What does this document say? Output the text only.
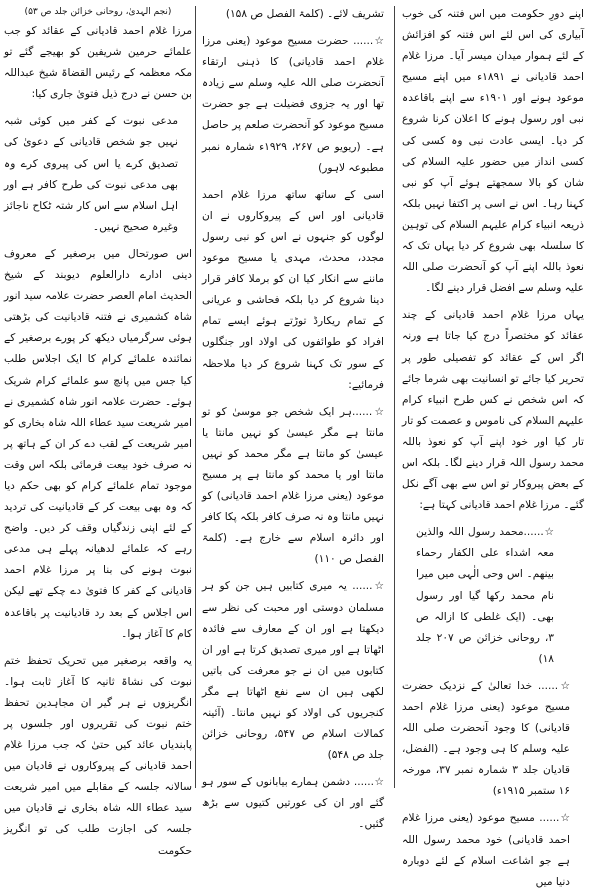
اپنے دورِ حکومت میں اس فتنہ کی خوب آبیاری کی اس لئے اس فتنہ کو افزائش کے لئے ہموار میدان میسر آیا۔ مرزا غلام احمد قادیانی نے ۱۸۹۱ء میں اپنے مسیح موعود ہونے اور ۱۹۰۱ء سے اپنے باقاعدہ نبی اور رسول ہونے کا اعلان کرنا شروع کر دیا۔ ایسی عادت نبی وہ کسی کی کسی انداز میں حضور علیہ السلام کی شان کو بالا سمجھتے ہوئے آپ کو نبی کہنا رہا۔ اس نے اسی پر اکتفا نہیں بلکہ ذریعہ انبیاء کرام علیہم السلام کی توہین کا سلسلہ بھی شروع کر دیا یہاں تک کہ نعوذ باللہ اپنے آپ کو آنحضرت صلی اللہ علیہ وسلم سے افضل قرار دینے لگا۔

یہاں مرزا غلام احمد قادیانی کے چند عقائد کو مختصراً درج کیا جاتا ہے ورنہ اگر اس کے عقائد کو تفصیلی طور پر تحریر کیا جائے تو انسانیت بھی شرما جائے کہ اس شخص نے کس طرح انبیاء کرام علیہم السلام کی ناموس و عصمت کو تار تار کیا اور خود اپنے آپ کو نعوذ باللہ محمد رسول اللہ قرار دینے لگا۔ بلکہ اس کے بعض پیروکار تو اس سے بھی آگے نکل گئے۔ مرزا غلام احمد قادیانی کہتا ہے:

☆......محمد رسول اللہ والذین معہ اشداء علی الکفار رحماء بینھم۔ اس وحی الٰہی میں میرا نام محمد رکھا گیا اور رسول بھی۔ (ایک غلطی کا ازالہ ص ۳، روحانی خزائن ص ۲۰۷ جلد ۱۸)

☆...... خدا تعالیٰ کے نزدیک حضرت مسیح موعود (یعنی مرزا غلام احمد قادیانی) کا وجود آنحضرت صلی اللہ علیہ وسلم کا ہی وجود ہے۔ (الفضل، قادیان جلد ۳ شمارہ نمبر ۳۷، مورخہ ۱۶ ستمبر ۱۹۱۵ء)

☆...... مسیح موعود (یعنی مرزا غلام احمد قادیانی) خود محمد رسول اللہ ہے جو اشاعت اسلام کے لئے دوبارہ دنیا میں

تشریف لائے۔ (کلمۃ الفصل ص ۱۵۸)

☆...... حضرت مسیح موعود (یعنی مرزا غلام احمد قادیانی) کا ذہنی ارتقاء آنحضرت صلی اللہ علیہ وسلم سے زیادہ تھا اور یہ جزوی فضیلت ہے جو حضرت مسیح موعود کو آنحضرت صلعم پر حاصل ہے۔ (ریویو ص ۲۶۷، ۱۹۲۹ء شمارہ نمبر مطبوعہ لاہور)

اسی کے ساتھ ساتھ مرزا غلام احمد قادیانی اور اس کے پیروکاروں نے ان لوگوں کو جنہوں نے اس کو نبی رسول مجدد، محدث، مہدی یا مسیح موعود ماننے سے انکار کیا ان کو برملا کافر قرار دینا شروع کر دیا بلکہ فحاشی و عریانی کے تمام ریکارڈ توڑتے ہوئے ایسے تمام افراد کو طوائفوں کی اولاد اور جنگلوں کے سور تک کہنا شروع کر دیا ملاحظہ فرمائیے:

☆......ہر ایک شخص جو موسیٰ کو تو مانتا ہے مگر عیسیٰ کو نہیں مانتا یا عیسیٰ کو مانتا ہے مگر محمد کو نہیں مانتا اور یا محمد کو مانتا ہے پر مسیح موعود (یعنی مرزا غلام احمد قادیانی) کو نہیں مانتا وہ نہ صرف کافر بلکہ پکا کافر اور دائرہ اسلام سے خارج ہے۔ (کلمۃ الفصل ص ۱۱۰)

☆...... یہ میری کتابیں ہیں جن کو ہر مسلمان دوستی اور محبت کی نظر سے دیکھتا ہے اور ان کے معارف سے فائدہ اٹھاتا ہے اور میری تصدیق کرتا ہے اور ان کتابوں میں ان نے جو معرفت کی باتیں لکھی ہیں ان سے نفع اٹھاتا ہے مگر کنجریوں کی اولاد کو نہیں مانتا۔ (آئینہ کمالات اسلام ص ۵۴۷، روحانی خزائن جلد ص ۵۴۸)

☆...... دشمن ہمارے بیابانوں کے سور ہو گئے اور ان کی عورتیں کتیوں سے بڑھ گئیں۔

(نجم الہدیٰ، روحانی خزائن جلد ص ۵۳)

مرزا غلام احمد قادیانی کے عقائد کو جب علمائے حرمین شریفین کو بھیجے گئے تو مکہ معظمہ کے رئیس القضاۃ شیخ عبداللہ بن حسن نے درج ذیل فتویٰ جاری کیا:

مدعی نبوت کے کفر میں کوئی شبہ نہیں جو شخص قادیانی کے دعویٰ کی تصدیق کرے یا اس کی پیروی کرے وہ بھی مدعی نبوت کی طرح کافر ہے اور اہل اسلام سے اس کار شتہ ٹکاح ناجائز وغیرہ صحیح نہیں۔

اس صورتحال میں برصغیر کے معروف دینی ادارے دارالعلوم دیوبند کے شیخ الحدیث امام العصر حضرت علامہ سید انور شاہ کشمیری نے فتنہ قادیانیت کی بڑھتی ہوئی سرگرمیاں دیکھ کر پورے برصغیر کے نمائندہ علمائے کرام کا ایک اجلاس طلب کیا جس میں پانچ سو علمائے کرام شریک ہوئے۔ حضرت علامہ انور شاہ کشمیری نے امیر شریعت سید عطاء اللہ شاہ بخاری کو امیر شریعت کے لقب دے کر ان کے ہاتھ پر نہ صرف خود بیعت فرمائی بلکہ اس وقت موجود تمام علمائے کرام کو بھی حکم دیا کہ وہ بھی بیعت کر کے قادیانیت کی تردید کے لئے اپنی زندگیاں وقف کر دیں۔ واضح رہے کہ علمائے لدھیانہ پہلے ہی مدعی نبوت ہونے کی بنا پر مرزا غلام احمد قادیانی کے کفر کا فتویٰ دے چکے تھے لیکن اس اجلاس کے بعد رد قادیانیت پر باقاعدہ کام کا آغاز ہوا۔

یہ واقعہ برصغیر میں تحریک تحفظ ختم نبوت کی نشاۃ ثانیہ کا آغاز ثابت ہوا۔ انگریزوں نے ہر گیر ان مجاہدین تحفظ ختم نبوت کی تقریروں اور جلسوں پر پابندیاں عائد کیں حتیٰ کہ جب مرزا غلام احمد قادیانی کے پیروکاروں نے قادیان میں سالانہ جلسہ کے مقابلے میں امیر شریعت سید عطاء اللہ شاہ بخاری نے قادیان میں جلسہ کی اجازت طلب کی تو انگریز حکومت
